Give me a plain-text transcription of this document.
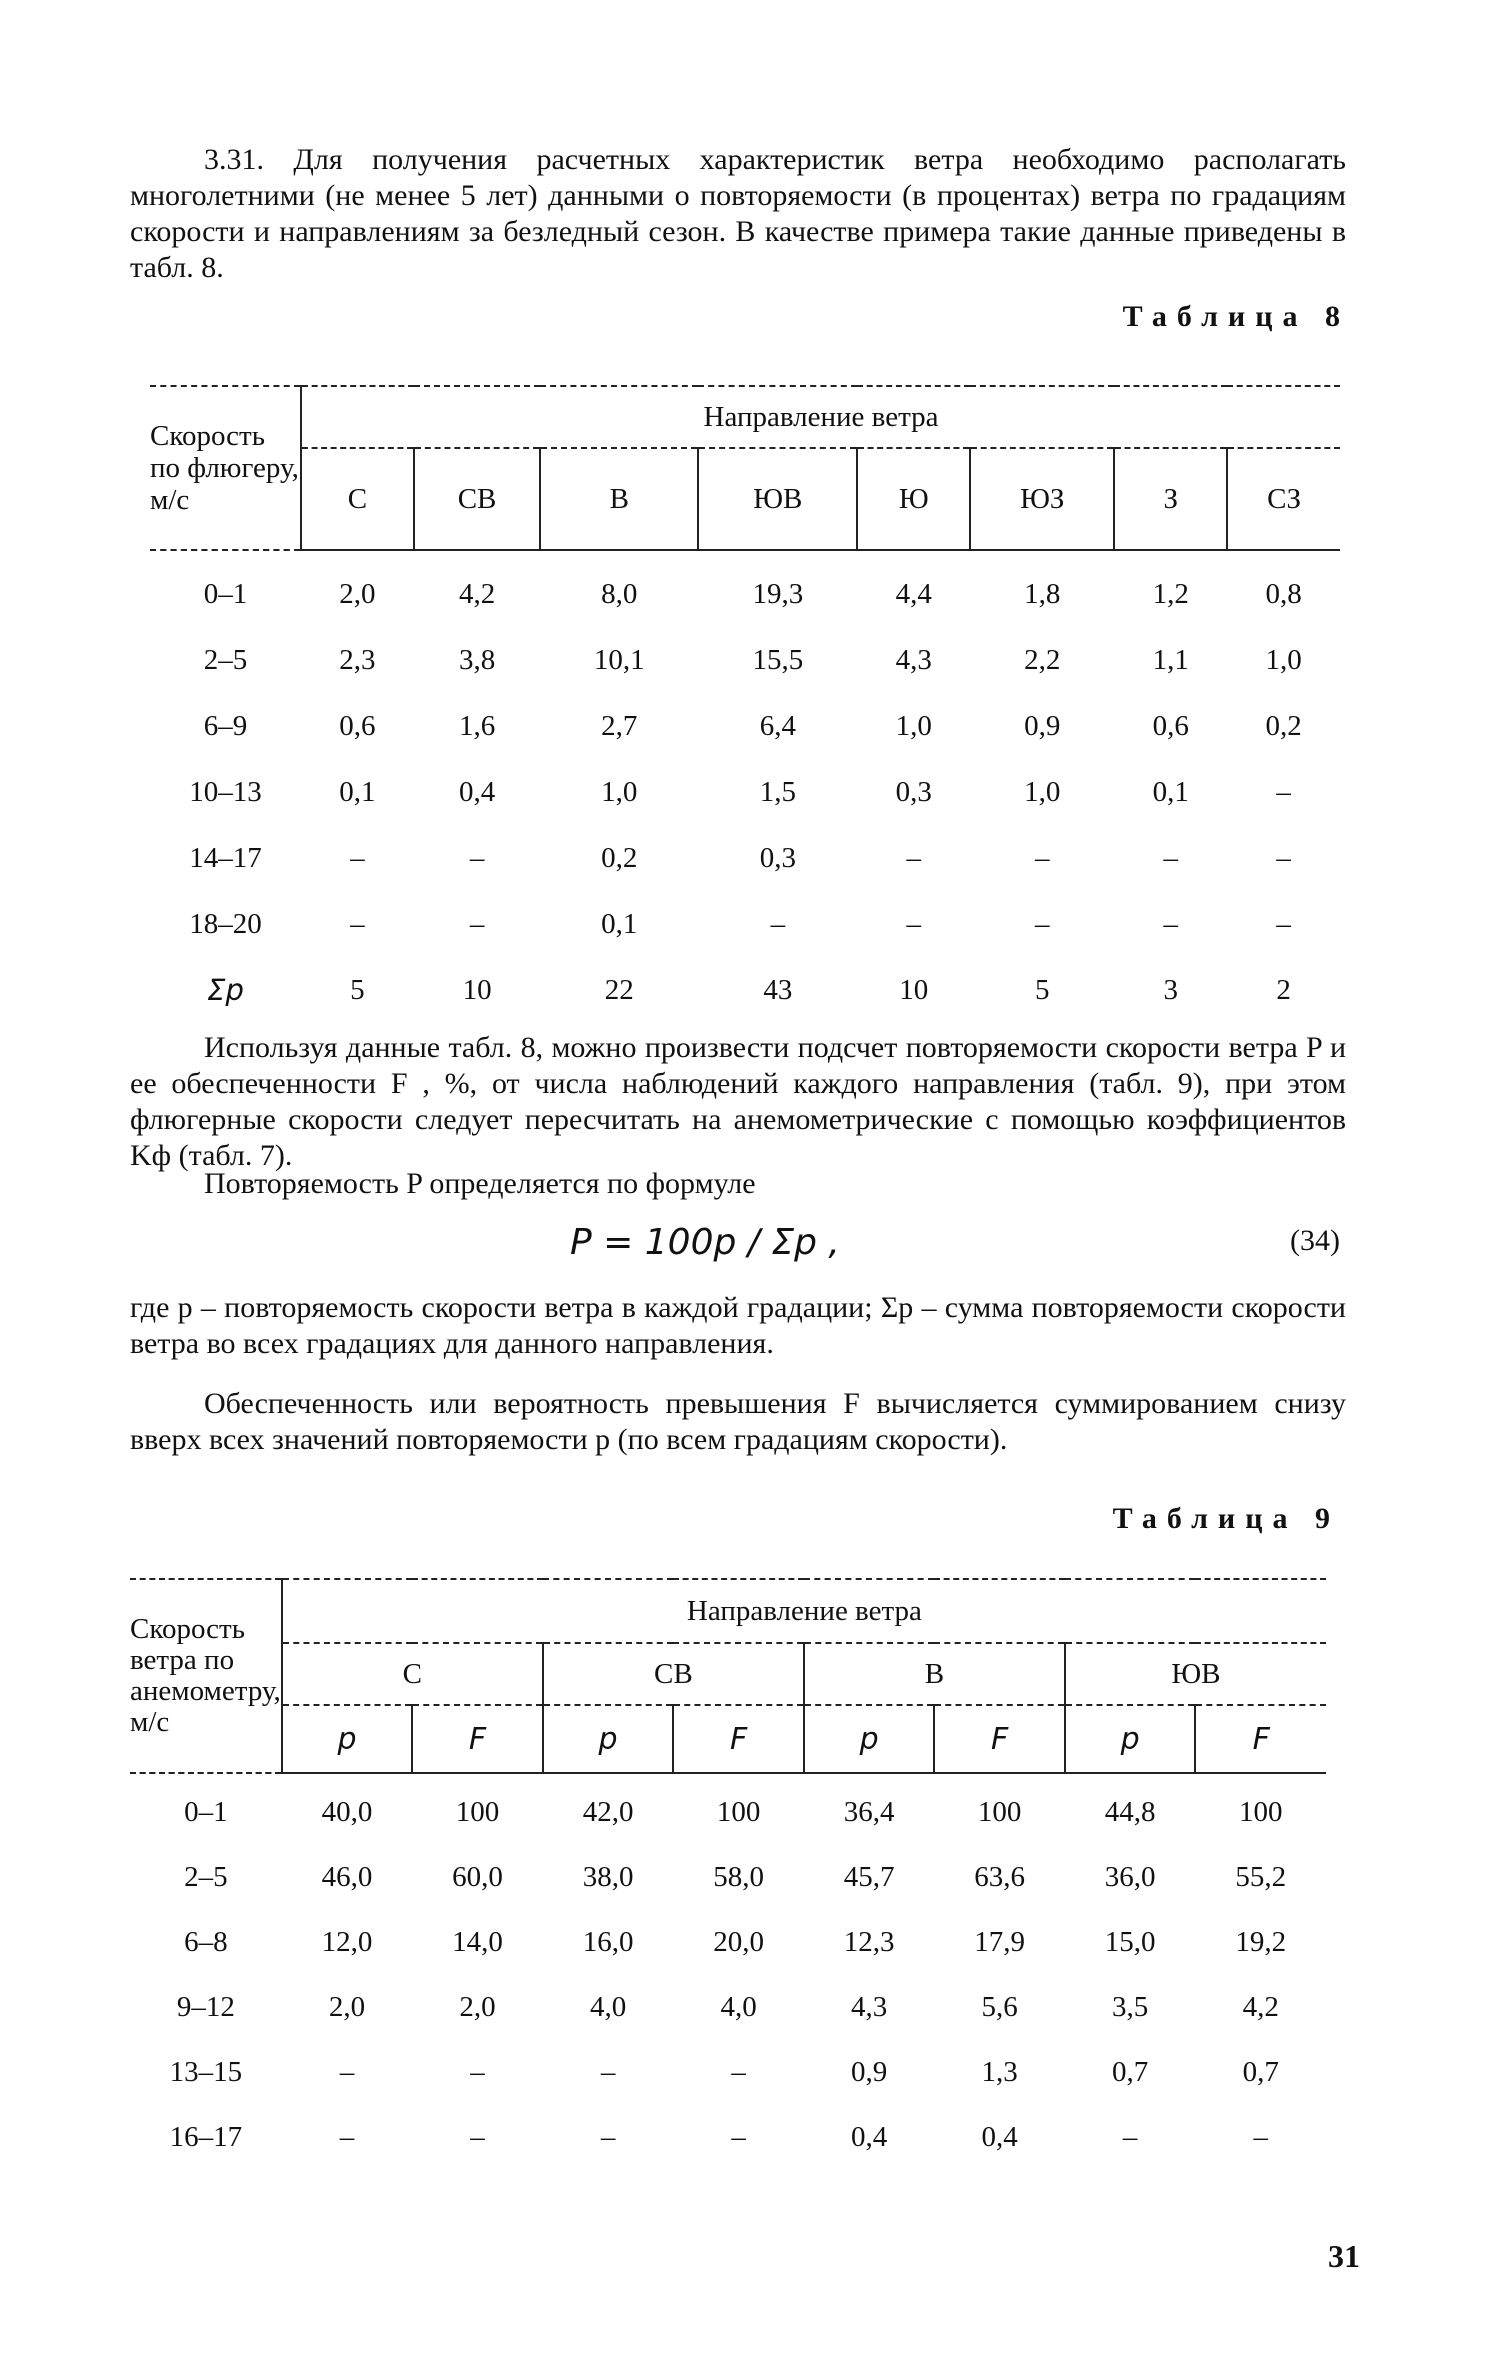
3.31. Для получения расчетных характеристик ветра необходимо располагать многолетними (не менее 5 лет) данными о повторяемости (в процентах) ветра по градациям скорости и направлениям за безледный сезон. В качестве примера такие данные приведены в табл. 8.
Таблица 8
Скорость по флюгеру, м/с	Направление ветра							
	С	СВ	В	ЮВ	Ю	ЮЗ	З	СЗ
0–1	2,0	4,2	8,0	19,3	4,4	1,8	1,2	0,8
2–5	2,3	3,8	10,1	15,5	4,3	2,2	1,1	1,0
6–9	0,6	1,6	2,7	6,4	1,0	0,9	0,6	0,2
10–13	0,1	0,4	1,0	1,5	0,3	1,0	0,1	–
14–17	–	–	0,2	0,3	–	–	–	–
18–20	–	–	0,1	–	–	–	–	–
Σp	5	10	22	43	10	5	3	2
Используя данные табл. 8, можно произвести подсчет повторяемости скорости ветра P и ее обеспеченности F , %, от числа наблюдений каждого направления (табл. 9), при этом флюгерные скорости следует пересчитать на анемометрические с помощью коэффициентов Kф (табл. 7).
Повторяемость P определяется по формуле
P = 100p / Σp ,	(34)
где p – повторяемость скорости ветра в каждой градации; Σp – сумма повторяемости скорости ветра во всех градациях для данного направления.
Обеспеченность или вероятность превышения F вычисляется суммированием снизу вверх всех значений повторяемости p (по всем градациям скорости).
Таблица 9
Скорость ветра по анемометру, м/с	Направление ветра							
	С		СВ		В		ЮВ	
	p	F	p	F	p	F	p	F
0–1	40,0	100	42,0	100	36,4	100	44,8	100
2–5	46,0	60,0	38,0	58,0	45,7	63,6	36,0	55,2
6–8	12,0	14,0	16,0	20,0	12,3	17,9	15,0	19,2
9–12	2,0	2,0	4,0	4,0	4,3	5,6	3,5	4,2
13–15	–	–	–	–	0,9	1,3	0,7	0,7
16–17	–	–	–	–	0,4	0,4	–	–
31
